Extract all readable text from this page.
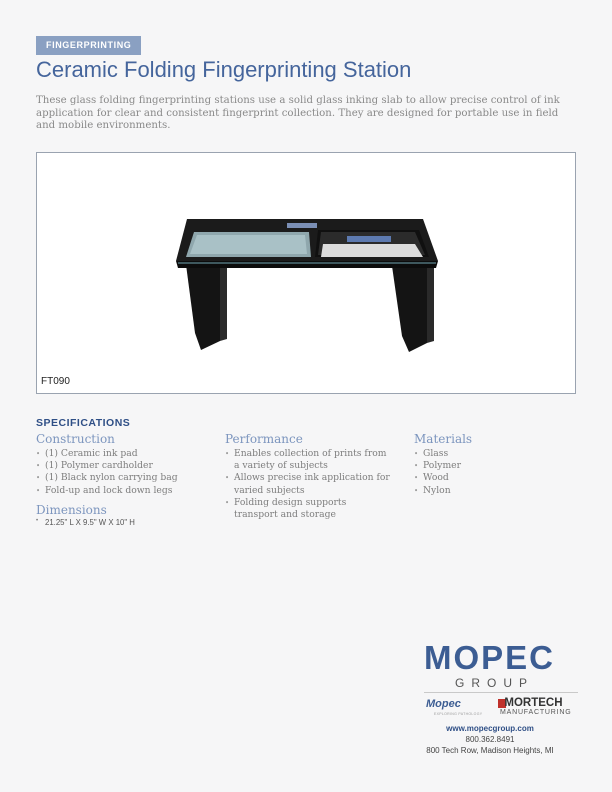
FINGERPRINTING
Ceramic Folding Fingerprinting Station

These glass folding fingerprinting stations use a solid glass inking slab to allow precise control of ink application for clear and consistent fingerprint collection. They are designed for portable use in field and mobile environments.

FT090
SPECIFICATIONS
Construction
• (1) Ceramic ink pad
• (1) Polymer cardholder
• (1) Black nylon carrying bag
• Fold-up and lock down legs
Performance
• Enables collection of prints from a variety of subjects
• Allows precise ink application for varied subjects
• Folding design supports transport and storage
Materials
• Glass
• Polymer
• Wood
• Nylon
Dimensions

• 21.25" L X 9.5" W X 10" H

MOPEC
GROUP
Mopec
EXPLORING PATHOLOGY
MORTECH
MANUFACTURING
www.mopecgroup.com
800.362.8491
800 Tech Row, Madison Heights, MI
